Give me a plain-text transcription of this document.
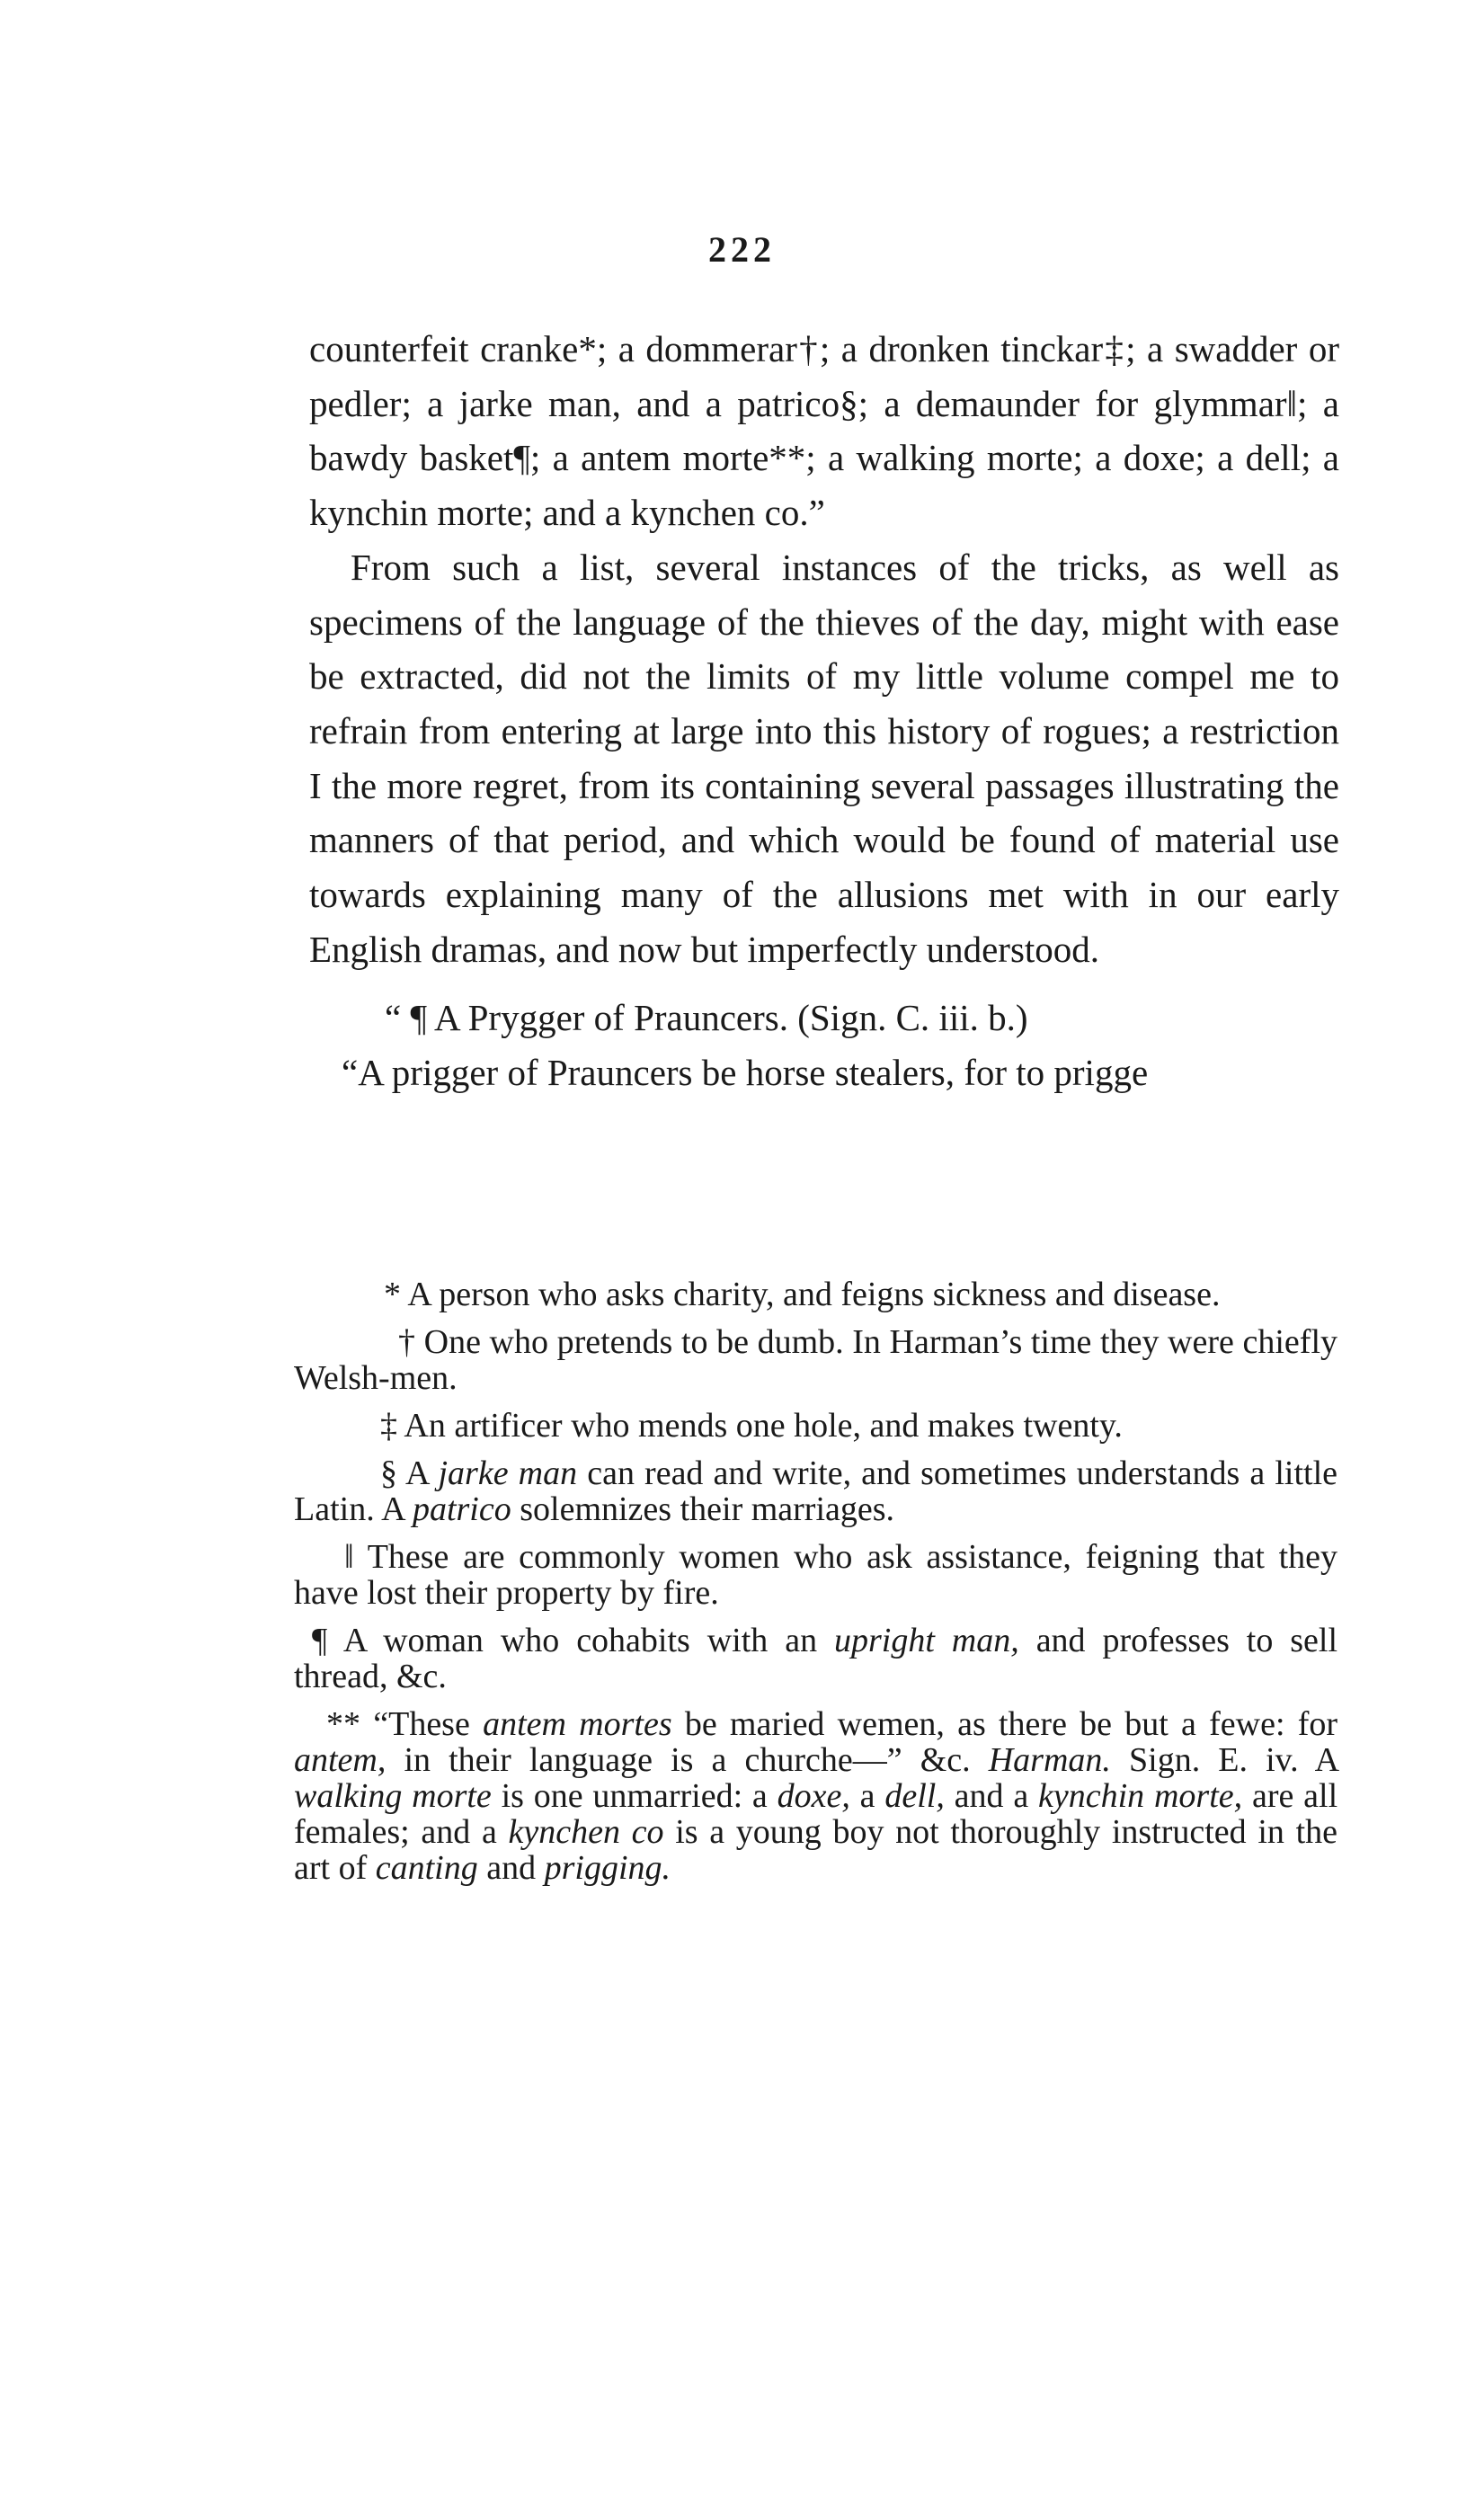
222

counterfeit cranke*; a dommerar†; a dronken tinckar‡; a swadder or pedler; a jarke man, and a patrico§; a demaunder for glymmar‖; a bawdy basket¶; a antem morte**; a walking morte; a doxe; a dell; a kynchin morte; and a kynchen co.”

From such a list, several instances of the tricks, as well as specimens of the language of the thieves of the day, might with ease be extracted, did not the limits of my little volume compel me to refrain from entering at large into this history of rogues; a restriction I the more regret, from its containing several passages illustrating the manners of that period, and which would be found of material use towards explaining many of the allusions met with in our early English dramas, and now but imperfectly understood.

“ ¶ A Prygger of Prauncers. (Sign. C. iii. b.)

“A prigger of Prauncers be horse stealers, for to prigge

* A person who asks charity, and feigns sickness and disease.

† One who pretends to be dumb. In Harman’s time they were chiefly Welsh-men.

‡ An artificer who mends one hole, and makes twenty.

§ A jarke man can read and write, and sometimes understands a little Latin. A patrico solemnizes their marriages.

‖ These are commonly women who ask assistance, feigning that they have lost their property by fire.

¶ A woman who cohabits with an upright man, and professes to sell thread, &c.

** “These antem mortes be maried wemen, as there be but a fewe: for antem, in their language is a churche—” &c. Harman. Sign. E. iv. A walking morte is one unmarried: a doxe, a dell, and a kynchin morte, are all females; and a kynchen co is a young boy not thoroughly instructed in the art of canting and prigging.
